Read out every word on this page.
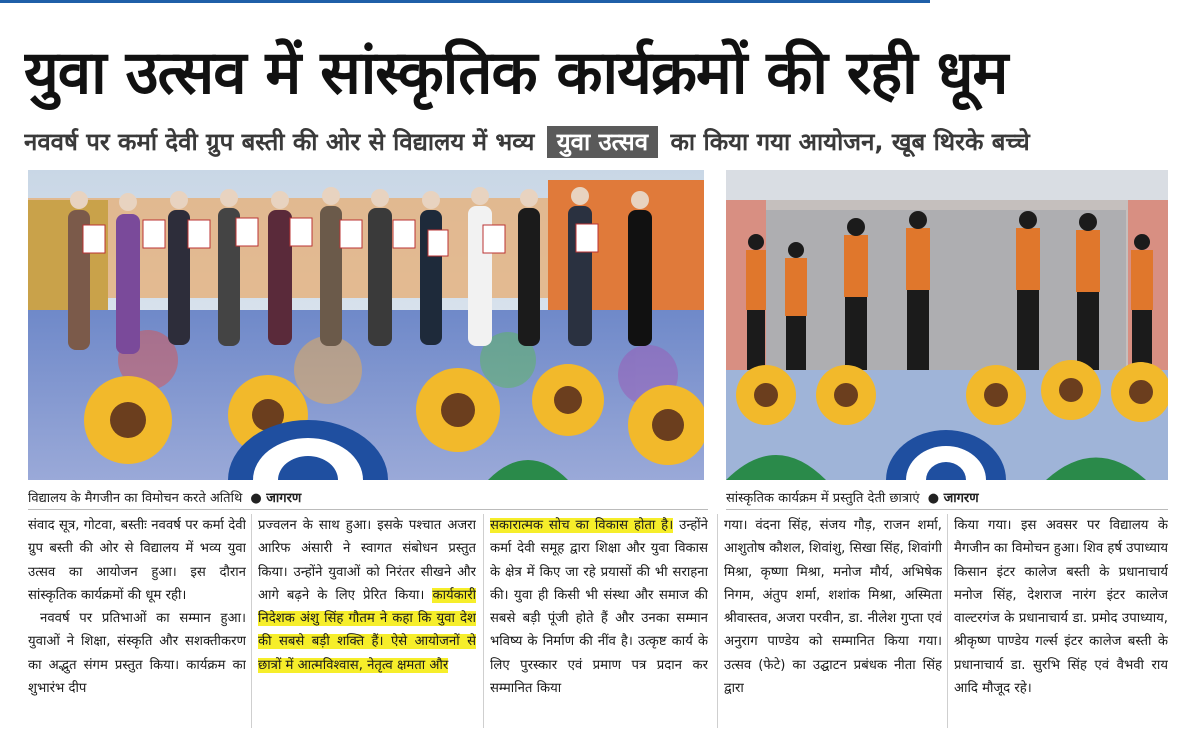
युवा उत्सव में सांस्कृतिक कार्यक्रमों की रही धूम
नववर्ष पर कर्मा देवी ग्रुप बस्ती की ओर से विद्यालय में भव्य युवा उत्सव का किया गया आयोजन, खूब थिरके बच्चे
विद्यालय के मैगजीन का विमोचन करते अतिथि ● जागरण	सांस्कृतिक कार्यक्रम में प्रस्तुति देती छात्राएं ● जागरण

संवाद सूत्र, गोटवा, बस्तीः नववर्ष पर कर्मा देवी ग्रुप बस्ती की ओर से विद्यालय में भव्य युवा उत्सव का आयोजन हुआ। इस दौरान सांस्कृतिक कार्यक्रमों की धूम रही।

नववर्ष पर प्रतिभाओं का सम्मान हुआ। युवाओं ने शिक्षा, संस्कृति और सशक्तीकरण का अद्भुत संगम प्रस्तुत किया। कार्यक्रम का शुभारंभ दीप

प्रज्वलन के साथ हुआ। इसके पश्चात अजरा आरिफ अंसारी ने स्वागत संबोधन प्रस्तुत किया। उन्होंने युवाओं को निरंतर सीखने और आगे बढ़ने के लिए प्रेरित किया। कार्यकारी निदेशक अंशु सिंह गौतम ने कहा कि युवा देश की सबसे बड़ी शक्ति हैं। ऐसे आयोजनों से छात्रों में आत्मविश्वास, नेतृत्व क्षमता और

सकारात्मक सोच का विकास होता है। उन्होंने कर्मा देवी समूह द्वारा शिक्षा और युवा विकास के क्षेत्र में किए जा रहे प्रयासों की भी सराहना की। युवा ही किसी भी संस्था और समाज की सबसे बड़ी पूंजी होते हैं और उनका सम्मान भविष्य के निर्माण की नींव है। उत्कृष्ट कार्य के लिए पुरस्कार एवं प्रमाण पत्र प्रदान कर सम्मानित किया

गया। वंदना सिंह, संजय गौड़, राजन शर्मा, आशुतोष कौशल, शिवांशु, सिखा सिंह, शिवांगी मिश्रा, कृष्णा मिश्रा, मनोज मौर्य, अभिषेक निगम, अंतुप शर्मा, शशांक मिश्रा, अस्मिता श्रीवास्तव, अजरा परवीन, डा. नीलेश गुप्ता एवं अनुराग पाण्डेय को सम्मानित किया गया। उत्सव (फेटे) का उद्घाटन प्रबंधक नीता सिंह द्वारा

किया गया। इस अवसर पर विद्यालय के मैगजीन का विमोचन हुआ। शिव हर्ष उपाध्याय किसान इंटर कालेज बस्ती के प्रधानाचार्य मनोज सिंह, देशराज नारंग इंटर कालेज वाल्टरगंज के प्रधानाचार्य डा. प्रमोद उपाध्याय, श्रीकृष्ण पाण्डेय गर्ल्स इंटर कालेज बस्ती के प्रधानाचार्य डा. सुरभि सिंह एवं वैभवी राय आदि मौजूद रहे।
